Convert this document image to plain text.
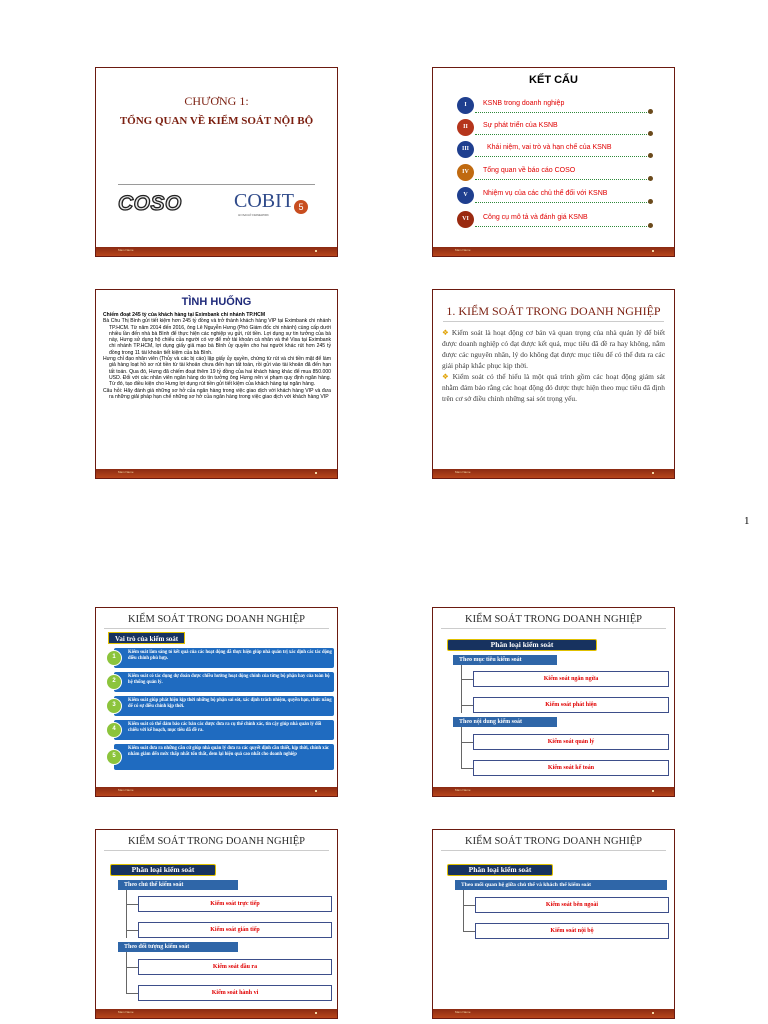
CHƯƠNG 1:
TỔNG QUAN VỀ KIỂM SOÁT NỘI BỘ
COSO	COBIT 5
AN ISACA® FRAMEWORK
Mam Name
KẾT CẤU
I	KSNB trong doanh nghiệp
II	Sự phát triển của KSNB
III	Khái niệm, vai trò và hạn chế của KSNB
IV	Tổng quan về báo cáo COSO
V	Nhiệm vụ của các chủ thể đối với KSNB
VI	Công cụ mô tả và đánh giá KSNB
Mam Name
TÌNH HUỐNG
Chiếm đoạt 245 tỷ của khách hàng tại Eximbank chi nhánh TP.HCM

Bà Chu Thị Bình gửi tiết kiệm hơn 245 tỷ đồng và trở thành khách hàng VIP tại Eximbank chi nhánh TP.HCM. Từ năm 2014 đến 2016, ông Lê Nguyễn Hưng (Phó Giám đốc chi nhánh) cùng cấp dưới nhiều lần đến nhà bà Bình để thực hiện các nghiệp vụ gửi, rút tiền. Lợi dụng sự tin tưởng của bà này, Hưng sử dụng hộ chiếu của người có vợ để mở tài khoản cá nhân và thẻ Visa tại Eximbank chi nhánh TP.HCM, lợi dụng giấy giả mạo bà Bình ủy quyền cho hai người khác rút hơn 245 tỷ đồng trong 11 tài khoản tiết kiệm của bà Bình.

Hưng chỉ đạo nhân viên (Thủy và các bị cáo) lập giấy ủy quyền, chứng từ rút và chi tiền mặt để làm giả hàng loạt hồ sơ rút tiền từ tài khoản chưa đến hạn tất toán, rồi gửi vào tài khoản đã đến hạn tất toán. Qua đó, Hưng đã chiếm đoạt thêm 19 tỷ đồng của hai khách hàng khác để mua 850.000 USD. Đối với các nhân viên ngân hàng do tin tưởng ông Hưng nên vi phạm quy định ngân hàng. Từ đó, tạo điều kiện cho Hưng lợi dụng rút tiền gửi tiết kiệm của khách hàng tại ngân hàng.

Câu hỏi: Hãy đánh giá những sơ hở của ngân hàng trong việc giao dịch với khách hàng VIP và đưa ra những giải pháp hạn chế những sơ hở của ngân hàng trong việc giao dịch với khách hàng VIP

Mam Name
1. KIỂM SOÁT TRONG DOANH NGHIỆP

❖ Kiểm soát là hoạt động cơ bản và quan trọng của nhà quản lý để biết được doanh nghiệp có đạt được kết quả, mục tiêu đã đề ra hay không, nắm được các nguyên nhân, lý do không đạt được mục tiêu để có thể đưa ra các giải pháp khắc phục kịp thời.

❖ Kiểm soát có thể hiểu là một quá trình gồm các hoạt động giám sát nhằm đảm bảo rằng các hoạt động đó được thực hiện theo mục tiêu đã định trên cơ sở điều chỉnh những sai sót trọng yếu.

Mam Name
1
KIỂM SOÁT TRONG DOANH NGHIỆP
Vai trò của kiểm soát
1
Kiểm soát làm sáng tỏ kết quả của các hoạt động đã thực hiện giúp nhà quản trị xác định các tác động điều chỉnh phù hợp.
2
Kiểm soát có tác dụng dự đoán được chiều hướng hoạt động chính của từng bộ phận hay của toàn bộ hệ thống quản lý.
3
Kiểm soát giúp phát hiện kịp thời những bộ phận sai sót, xác định trách nhiệm, quyền hạn, chức năng để có sự điều chỉnh kịp thời.
4
Kiểm soát có thể đảm bảo các bản các được đưa ra cụ thể chính xác, tin cậy giúp nhà quản lý đối chiếu với kế hoạch, mục tiêu đã đề ra.
5
Kiểm soát đưa ra những căn cứ giúp nhà quản lý đưa ra các quyết định cần thiết, kịp thời, chính xác nhằm giảm đến mức thấp nhất tổn thất, đem lại hiệu quả cao nhất cho doanh nghiệp
Mam Name
KIỂM SOÁT TRONG DOANH NGHIỆP
Phân loại kiểm soát
Theo mục tiêu kiểm soát
Kiểm soát ngăn ngừa
Kiểm soát phát hiện
Theo nội dung kiểm soát
Kiểm soát quản lý
Kiểm soát kế toán
Mam Name
KIỂM SOÁT TRONG DOANH NGHIỆP
Phân loại kiểm soát
Theo chủ thể kiểm soát
Kiểm soát trực tiếp
Kiểm soát gián tiếp
Theo đối tượng kiểm soát
Kiểm soát đầu ra
Kiểm soát hành vi
Mam Name
KIỂM SOÁT TRONG DOANH NGHIỆP
Phân loại kiểm soát
Theo mối quan hệ giữa chủ thể và khách thể kiểm soát
Kiểm soát bên ngoài
Kiểm soát nội bộ
Mam Name
